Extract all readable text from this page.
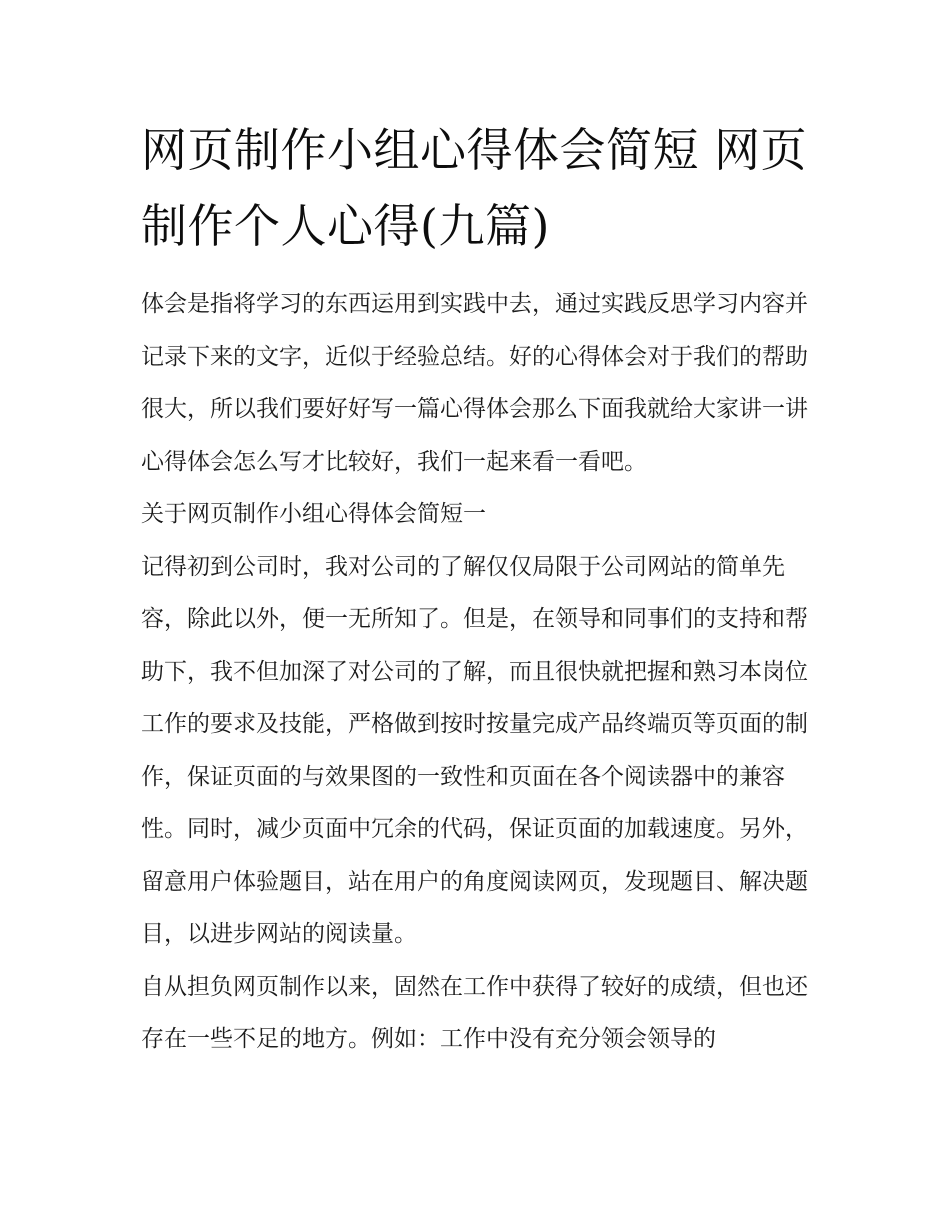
网页制作小组心得体会简短 网页制作个人心得(九篇)

体会是指将学习的东西运用到实践中去，通过实践反思学习内容并记录下来的文字，近似于经验总结。好的心得体会对于我们的帮助很大，所以我们要好好写一篇心得体会那么下面我就给大家讲一讲心得体会怎么写才比较好，我们一起来看一看吧。

关于网页制作小组心得体会简短一

记得初到公司时，我对公司的了解仅仅局限于公司网站的简单先容，除此以外，便一无所知了。但是，在领导和同事们的支持和帮助下，我不但加深了对公司的了解，而且很快就把握和熟习本岗位工作的要求及技能，严格做到按时按量完成产品终端页等页面的制作，保证页面的与效果图的一致性和页面在各个阅读器中的兼容性。同时，减少页面中冗余的代码，保证页面的加载速度。另外，留意用户体验题目，站在用户的角度阅读网页，发现题目、解决题目，以进步网站的阅读量。

自从担负网页制作以来，固然在工作中获得了较好的成绩，但也还存在一些不足的地方。例如：工作中没有充分领会领导的
